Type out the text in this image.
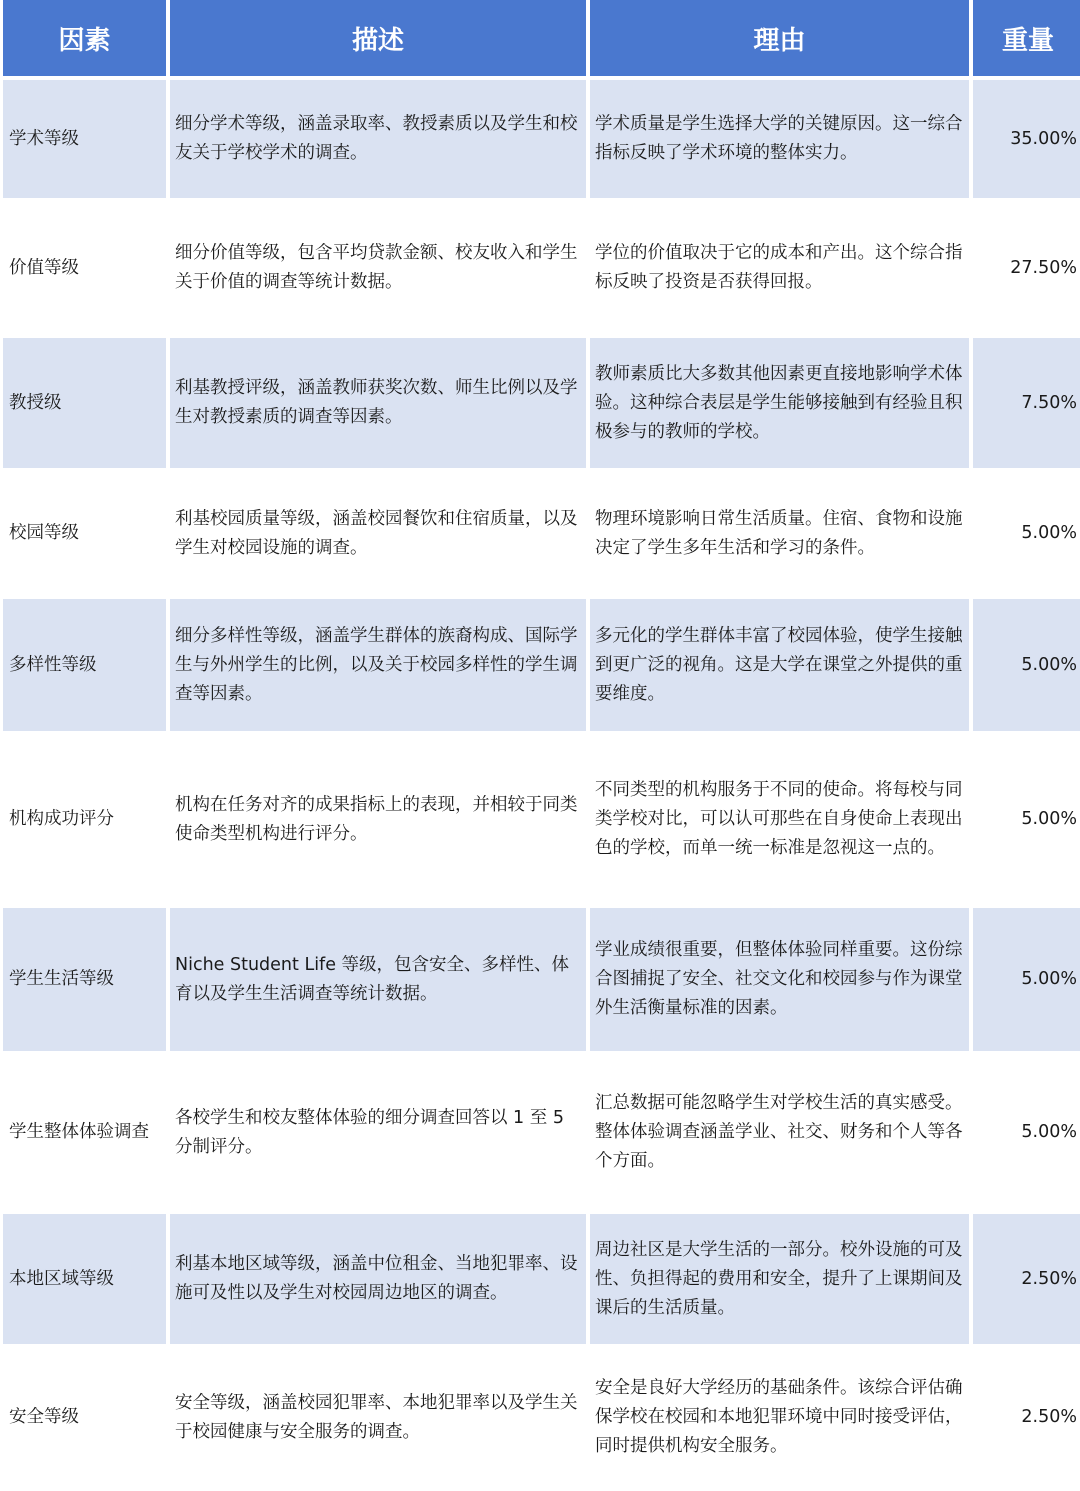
因素	描述	理由	重量
学术等级	细分学术等级，涵盖录取率、教授素质以及学生和校友关于学校学术的调查。	学术质量是学生选择大学的关键原因。这一综合指标反映了学术环境的整体实力。	35.00%
价值等级	细分价值等级，包含平均贷款金额、校友收入和学生关于价值的调查等统计数据。	学位的价值取决于它的成本和产出。这个综合指标反映了投资是否获得回报。	27.50%
教授级	利基教授评级，涵盖教师获奖次数、师生比例以及学生对教授素质的调查等因素。	教师素质比大多数其他因素更直接地影响学术体验。这种综合表层是学生能够接触到有经验且积极参与的教师的学校。	7.50%
校园等级	利基校园质量等级，涵盖校园餐饮和住宿质量，以及学生对校园设施的调查。	物理环境影响日常生活质量。住宿、食物和设施决定了学生多年生活和学习的条件。	5.00%
多样性等级	细分多样性等级，涵盖学生群体的族裔构成、国际学生与外州学生的比例，以及关于校园多样性的学生调查等因素。	多元化的学生群体丰富了校园体验，使学生接触到更广泛的视角。这是大学在课堂之外提供的重要维度。	5.00%
机构成功评分	机构在任务对齐的成果指标上的表现，并相较于同类使命类型机构进行评分。	不同类型的机构服务于不同的使命。将每校与同类学校对比，可以认可那些在自身使命上表现出色的学校，而单一统一标准是忽视这一点的。	5.00%
学生生活等级	Niche Student Life 等级，包含安全、多样性、体育以及学生生活调查等统计数据。	学业成绩很重要，但整体体验同样重要。这份综合图捕捉了安全、社交文化和校园参与作为课堂外生活衡量标准的因素。	5.00%
学生整体体验调查	各校学生和校友整体体验的细分调查回答以 1 至 5 分制评分。	汇总数据可能忽略学生对学校生活的真实感受。整体体验调查涵盖学业、社交、财务和个人等各个方面。	5.00%
本地区域等级	利基本地区域等级，涵盖中位租金、当地犯罪率、设施可及性以及学生对校园周边地区的调查。	周边社区是大学生活的一部分。校外设施的可及性、负担得起的费用和安全，提升了上课期间及课后的生活质量。	2.50%
安全等级	安全等级，涵盖校园犯罪率、本地犯罪率以及学生关于校园健康与安全服务的调查。	安全是良好大学经历的基础条件。该综合评估确保学校在校园和本地犯罪环境中同时接受评估，同时提供机构安全服务。	2.50%
